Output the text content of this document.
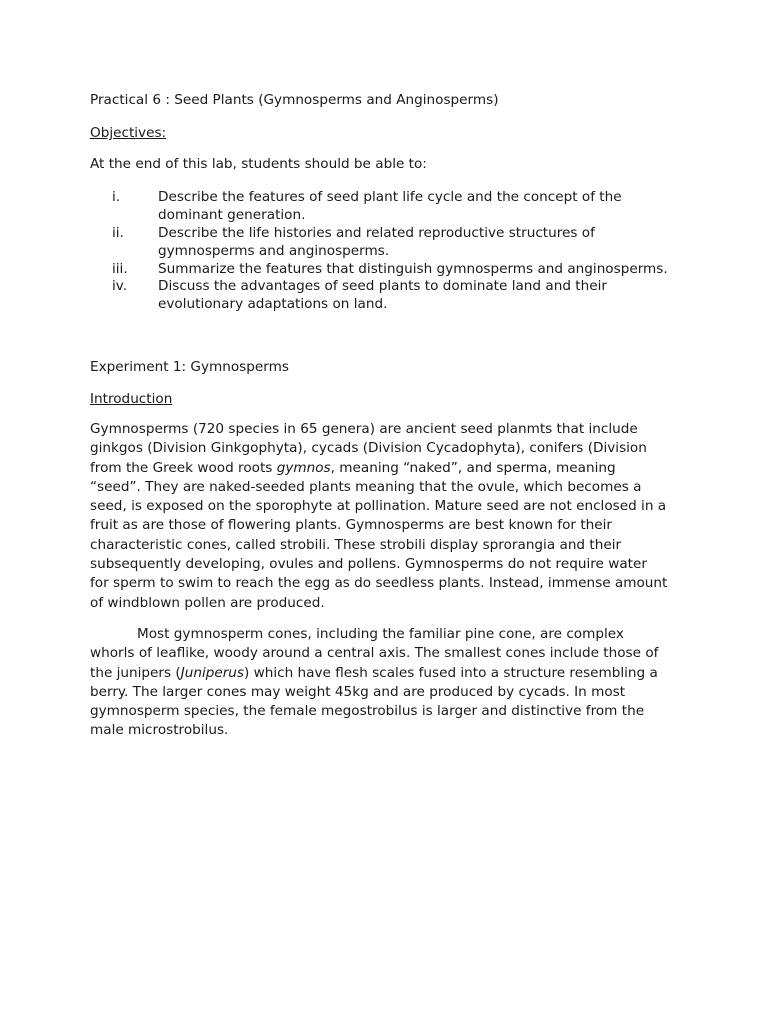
Practical 6 : Seed Plants (Gymnosperms and Anginosperms)
Objectives:
At the end of this lab, students should be able to:
i.	Describe the features of seed plant life cycle and the concept of the
dominant generation.
ii.	Describe the life histories and related reproductive structures of
gymnosperms and anginosperms.
iii. Summarize the features that distinguish gymnosperms and anginosperms.
iv. Discuss the advantages of seed plants to dominate land and their
evolutionary adaptations on land.
Experiment 1: Gymnosperms
Introduction
Gymnosperms (720 species in 65 genera) are ancient seed planmts that include
ginkgos (Division Ginkgophyta), cycads (Division Cycadophyta), conifers (Division
from the Greek wood roots gymnos, meaning “naked”, and sperma, meaning
“seed”. They are naked-seeded plants meaning that the ovule, which becomes a
seed, is exposed on the sporophyte at pollination. Mature seed are not enclosed in a
fruit as are those of flowering plants. Gymnosperms are best known for their
characteristic cones, called strobili. These strobili display sprorangia and their
subsequently developing, ovules and pollens. Gymnosperms do not require water
for sperm to swim to reach the egg as do seedless plants. Instead, immense amount
of windblown pollen are produced.
Most gymnosperm cones, including the familiar pine cone, are complex
whorls of leaflike, woody around a central axis. The smallest cones include those of
the junipers (Juniperus) which have flesh scales fused into a structure resembling a
berry. The larger cones may weight 45kg and are produced by cycads. In most
gymnosperm species, the female megostrobilus is larger and distinctive from the
male microstrobilus.
